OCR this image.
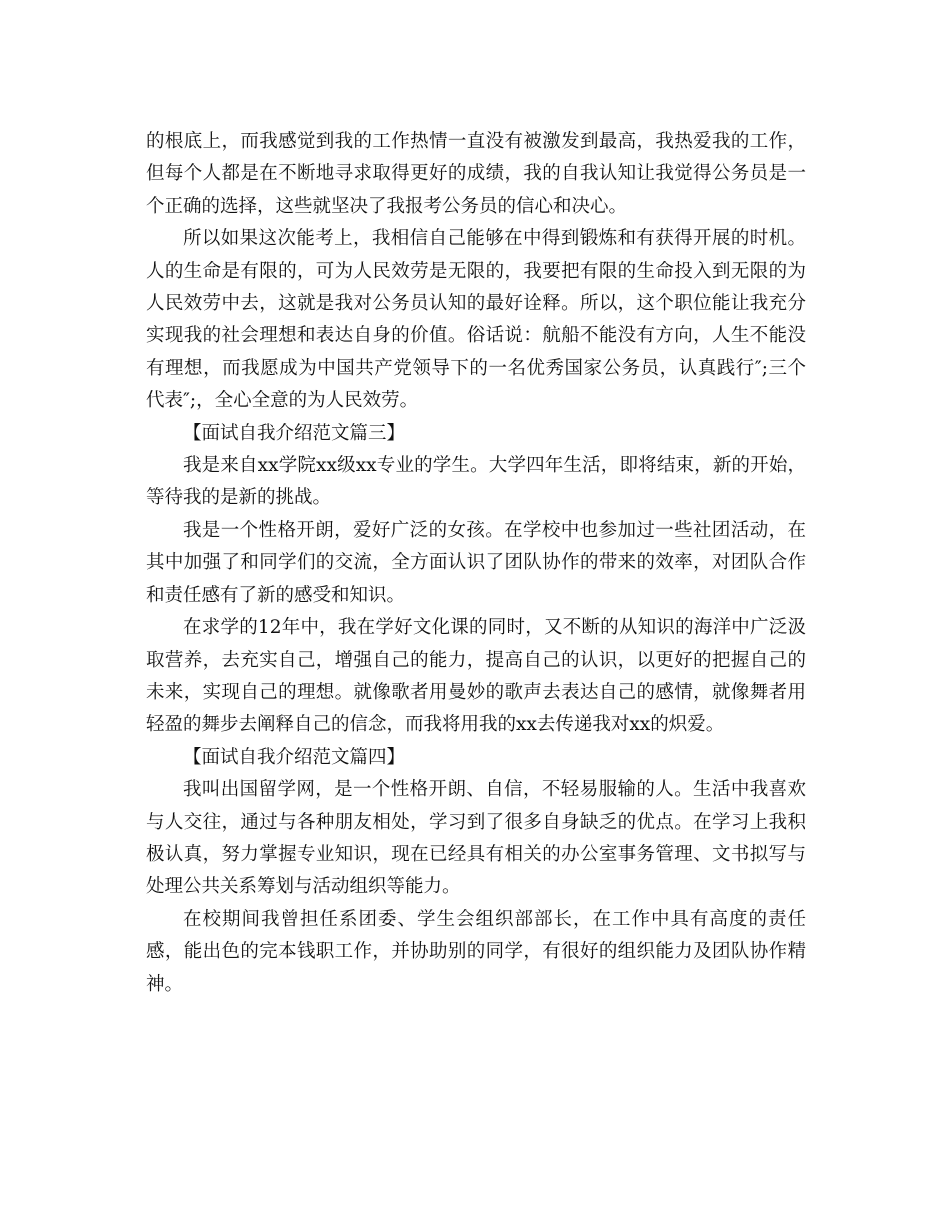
的根底上，而我感觉到我的工作热情一直没有被激发到最高，我热爱我的工作，但每个人都是在不断地寻求取得更好的成绩，我的自我认知让我觉得公务员是一个正确的选择，这些就坚决了我报考公务员的信心和决心。

所以如果这次能考上，我相信自己能够在中得到锻炼和有获得开展的时机。人的生命是有限的，可为人民效劳是无限的，我要把有限的生命投入到无限的为人民效劳中去，这就是我对公务员认知的最好诠释。所以，这个职位能让我充分实现我的社会理想和表达自身的价值。俗话说：航船不能没有方向，人生不能没有理想，而我愿成为中国共产党领导下的一名优秀国家公务员，认真践行″;三个代表″;，全心全意的为人民效劳。

【面试自我介绍范文篇三】

我是来自xx学院xx级xx专业的学生。大学四年生活，即将结束，新的开始，等待我的是新的挑战。

我是一个性格开朗，爱好广泛的女孩。在学校中也参加过一些社团活动，在其中加强了和同学们的交流，全方面认识了团队协作的带来的效率，对团队合作和责任感有了新的感受和知识。

在求学的12年中，我在学好文化课的同时，又不断的从知识的海洋中广泛汲取营养，去充实自己，增强自己的能力，提高自己的认识，以更好的把握自己的未来，实现自己的理想。就像歌者用曼妙的歌声去表达自己的感情，就像舞者用轻盈的舞步去阐释自己的信念，而我将用我的xx去传递我对xx的炽爱。

【面试自我介绍范文篇四】

我叫出国留学网，是一个性格开朗、自信，不轻易服输的人。生活中我喜欢与人交往，通过与各种朋友相处，学习到了很多自身缺乏的优点。在学习上我积极认真，努力掌握专业知识，现在已经具有相关的办公室事务管理、文书拟写与处理公共关系筹划与活动组织等能力。

在校期间我曾担任系团委、学生会组织部部长，在工作中具有高度的责任感，能出色的完本钱职工作，并协助别的同学，有很好的组织能力及团队协作精神。
